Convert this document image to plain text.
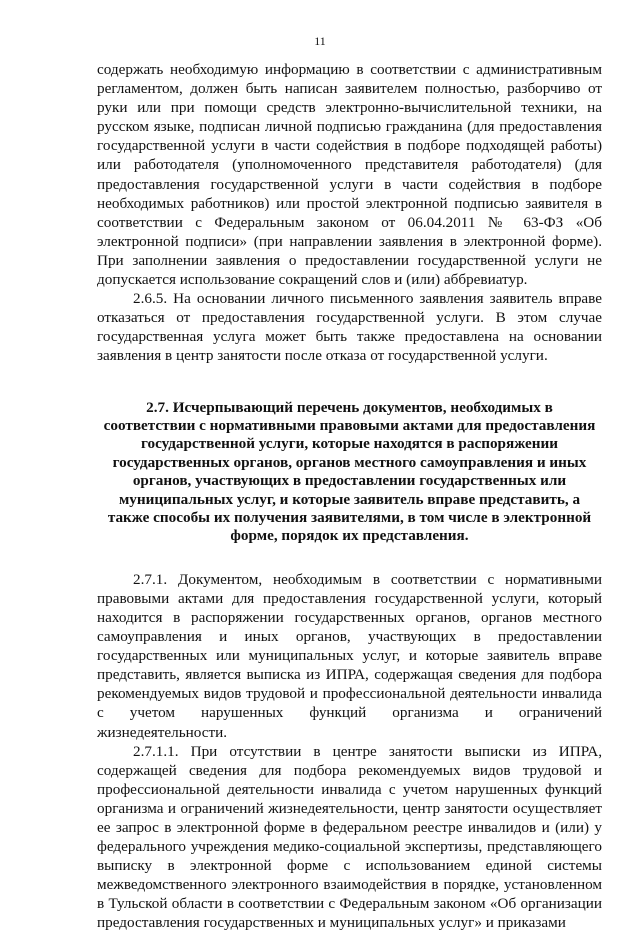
11

содержать необходимую информацию в соответствии с административным регламентом, должен быть написан заявителем полностью, разборчиво от руки или при помощи средств электронно-вычислительной техники, на русском языке, подписан личной подписью гражданина (для предоставления государственной услуги в части содействия в подборе подходящей работы) или работодателя (уполномоченного представителя работодателя) (для предоставления государственной услуги в части содействия в подборе необходимых работников) или простой электронной подписью заявителя в соответствии с Федеральным законом от 06.04.2011 № 63-ФЗ «Об электронной подписи» (при направлении заявления в электронной форме). При заполнении заявления о предоставлении государственной услуги не допускается использование сокращений слов и (или) аббревиатур.

2.6.5. На основании личного письменного заявления заявитель вправе отказаться от предоставления государственной услуги. В этом случае государственная услуга может быть также предоставлена на основании заявления в центр занятости после отказа от государственной услуги.

2.7. Исчерпывающий перечень документов, необходимых в соответствии с нормативными правовыми актами для предоставления государственной услуги, которые находятся в распоряжении государственных органов, органов местного самоуправления и иных органов, участвующих в предоставлении государственных или муниципальных услуг, и которые заявитель вправе представить, а также способы их получения заявителями, в том числе в электронной форме, порядок их представления.

2.7.1. Документом, необходимым в соответствии с нормативными правовыми актами для предоставления государственной услуги, который находится в распоряжении государственных органов, органов местного самоуправления и иных органов, участвующих в предоставлении государственных или муниципальных услуг, и которые заявитель вправе представить, является выписка из ИПРА, содержащая сведения для подбора рекомендуемых видов трудовой и профессиональной деятельности инвалида с учетом нарушенных функций организма и ограничений жизнедеятельности.

2.7.1.1. При отсутствии в центре занятости выписки из ИПРА, содержащей сведения для подбора рекомендуемых видов трудовой и профессиональной деятельности инвалида с учетом нарушенных функций организма и ограничений жизнедеятельности, центр занятости осуществляет ее запрос в электронной форме в федеральном реестре инвалидов и (или) у федерального учреждения медико-социальной экспертизы, представляющего выписку в электронной форме с использованием единой системы межведомственного электронного взаимодействия в порядке, установленном в Тульской области в соответствии с Федеральным законом «Об организации предоставления государственных и муниципальных услуг» и приказами
